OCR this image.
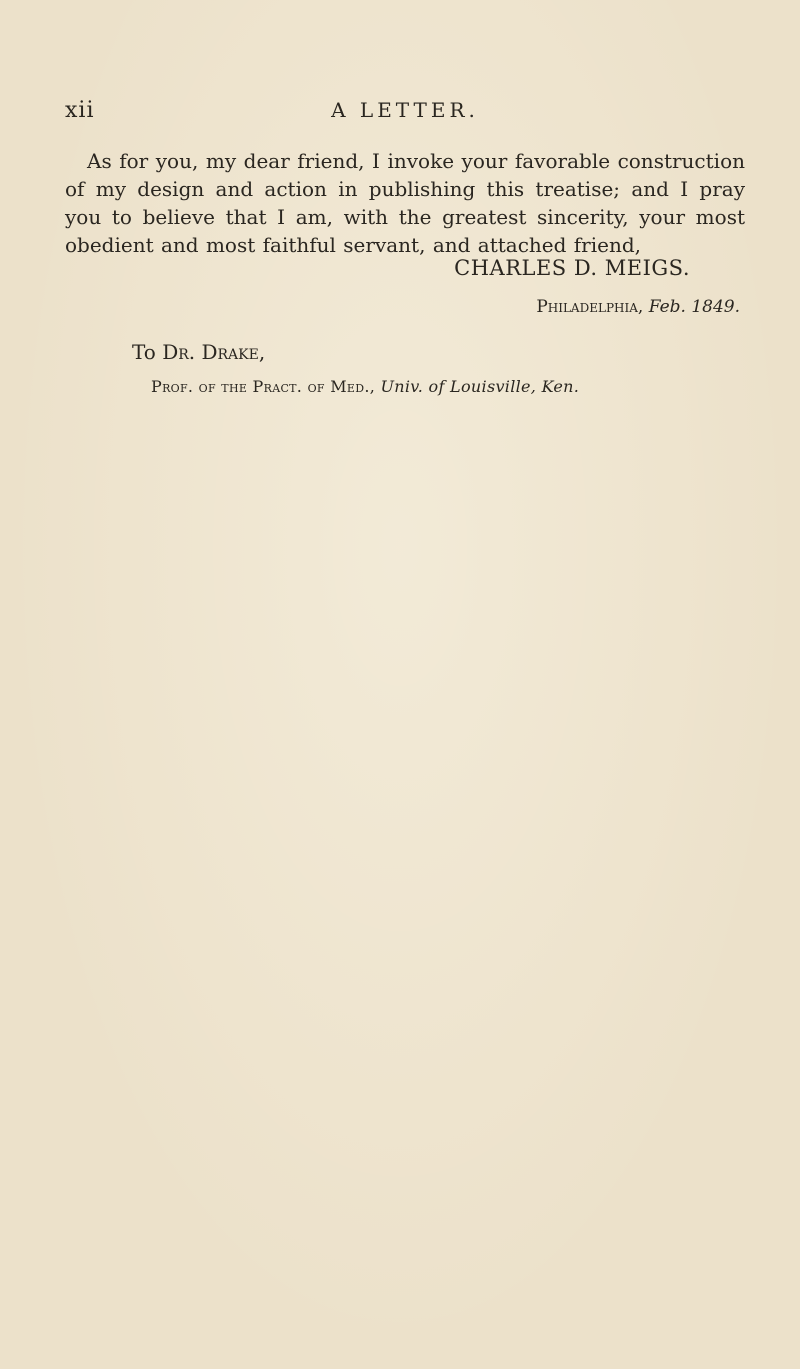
xii	A LETTER.

As for you, my dear friend, I invoke your favorable construction of my design and action in publishing this treatise; and I pray you to believe that I am, with the greatest sincerity, your most obedient and most faithful servant, and attached friend,

CHARLES D. MEIGS.
Philadelphia, Feb. 1849.
To Dr. Drake,
Prof. of the Pract. of Med., Univ. of Louisville, Ken.
